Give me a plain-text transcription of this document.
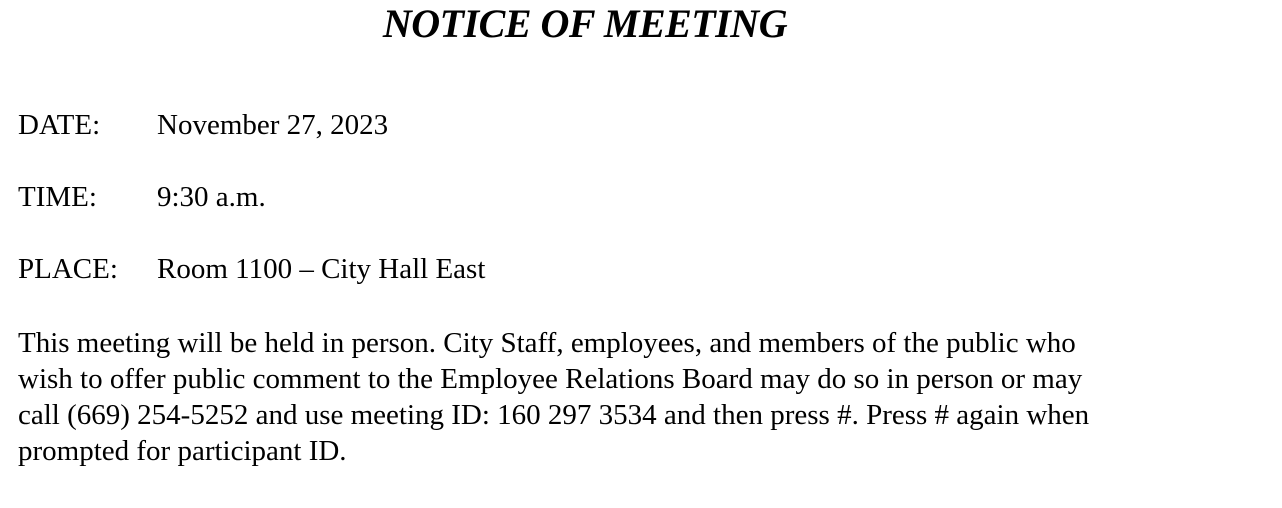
NOTICE OF MEETING
DATE: November 27, 2023
TIME: 9:30 a.m.
PLACE: Room 1100 – City Hall East
This meeting will be held in person. City Staff, employees, and members of the public who
wish to offer public comment to the Employee Relations Board may do so in person or may
call (669) 254-5252 and use meeting ID: 160 297 3534 and then press #. Press # again when
prompted for participant ID.
